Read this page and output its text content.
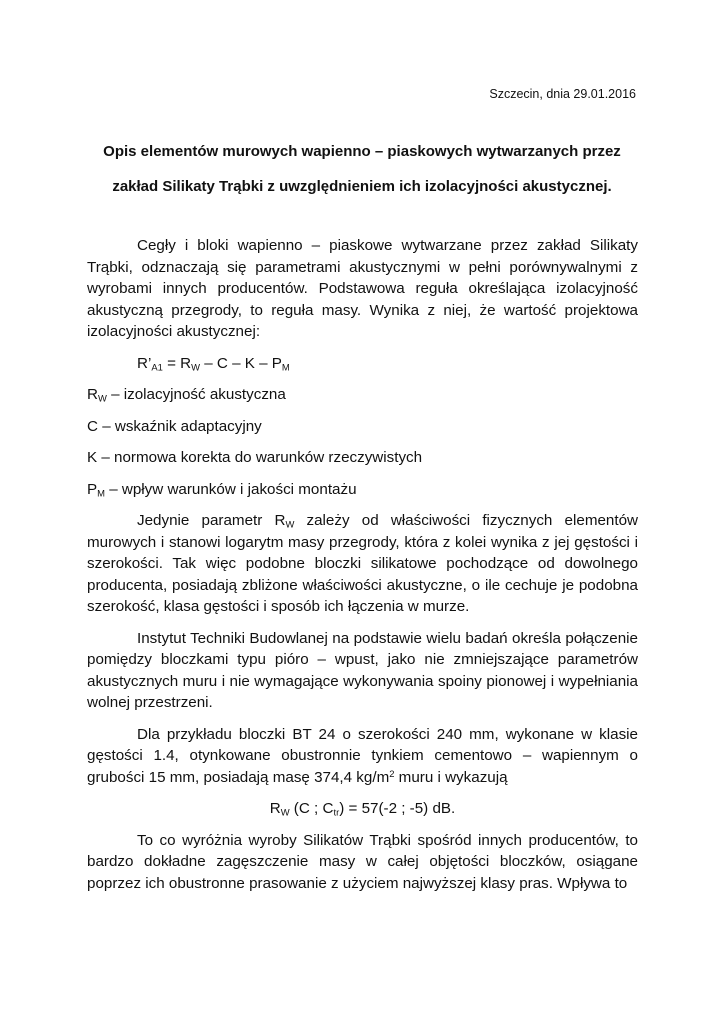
Szczecin, dnia 29.01.2016

Opis elementów murowych wapienno – piaskowych wytwarzanych przez
zakład Silikaty Trąbki z uwzględnieniem ich izolacyjności akustycznej.

Cegły i bloki wapienno – piaskowe wytwarzane przez zakład Silikaty Trąbki, odznaczają się parametrami akustycznymi w pełni porównywalnymi z wyrobami innych producentów. Podstawowa reguła określająca izolacyjność akustyczną przegrody, to reguła masy. Wynika z niej, że wartość projektowa izolacyjności akustycznej:

$R’_{A1} = R_W - C - K - P_M$

$R_W$ – izolacyjność akustyczna

C – wskaźnik adaptacyjny

K – normowa korekta do warunków rzeczywistych

$P_M$ – wpływ warunków i jakości montażu

Jedynie parametr $R_W$ zależy od właściwości fizycznych elementów murowych i stanowi logarytm masy przegrody, która z kolei wynika z jej gęstości i szerokości. Tak więc podobne bloczki silikatowe pochodzące od dowolnego producenta, posiadają zbliżone właściwości akustyczne, o ile cechuje je podobna szerokość, klasa gęstości i sposób ich łączenia w murze.

Instytut Techniki Budowlanej na podstawie wielu badań określa połączenie pomiędzy bloczkami typu pióro – wpust, jako nie zmniejszające parametrów akustycznych muru i nie wymagające wykonywania spoiny pionowej i wypełniania wolnej przestrzeni.

Dla przykładu bloczki BT 24 o szerokości 240 mm, wykonane w klasie gęstości 1.4, otynkowane obustronnie tynkiem cementowo – wapiennym o grubości 15 mm, posiadają masę 374,4 $kg/m^2$ muru i wykazują

$R_W$ (C ; $C_{tr}) = 57(-2$ ; -5) dB.

To co wyróżnia wyroby Silikatów Trąbki spośród innych producentów, to bardzo dokładne zagęszczenie masy w całej objętości bloczków, osiągane poprzez ich obustronne prasowanie z użyciem najwyższej klasy pras. Wpływa to
